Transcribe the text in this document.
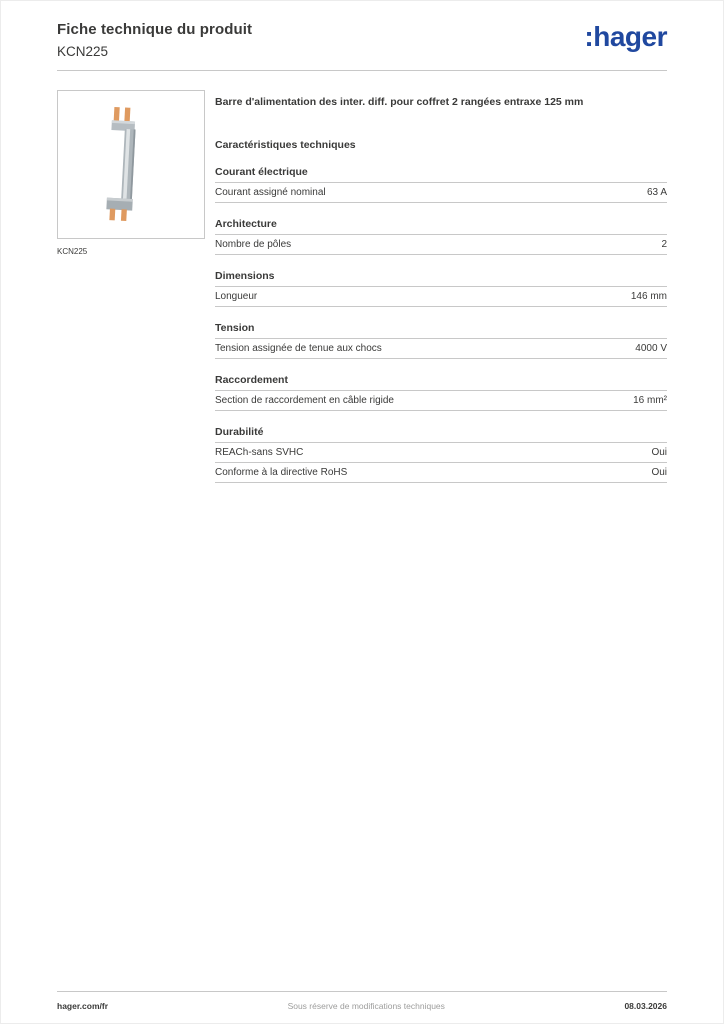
Fiche technique du produit
KCN225	:hager
KCN225

Barre d'alimentation des inter. diff. pour coffret 2 rangées entraxe 125 mm

Caractéristiques techniques
Courant électrique
Courant assigné nominal	63 A
Architecture
Nombre de pôles	2
Dimensions
Longueur	146 mm
Tension
Tension assignée de tenue aux chocs	4000 V
Raccordement
Section de raccordement en câble rigide	16 mm²
Durabilité
REACh-sans SVHC	Oui
Conforme à la directive RoHS	Oui
hager.com/fr	Sous réserve de modifications techniques	08.03.2026
